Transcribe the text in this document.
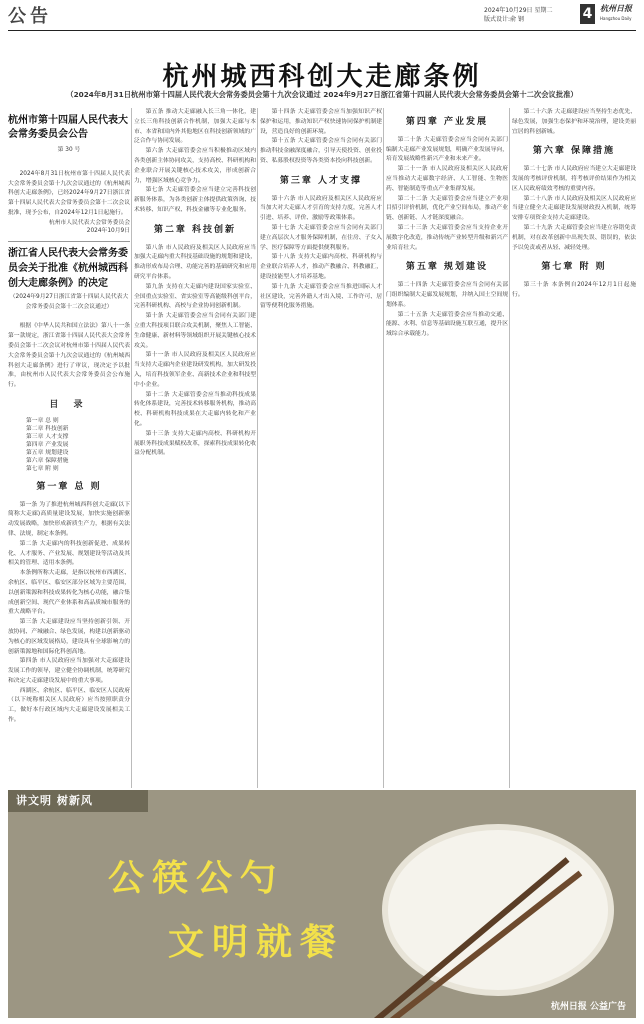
公告	2024年10月29日 星期二
版式设计:俞 钢	4 杭州日报
Hangzhou Daily
杭州城西科创大走廊条例
（2024年8月31日杭州市第十四届人民代表大会常务委员会第十九次会议通过 2024年9月27日浙江省第十四届人民代表大会常务委员会第十二次会议批准）
杭州市第十四届人民代表大会常务委员会公告
第 30 号

2024年8月31日杭州市第十四届人民代表大会常务委员会第十九次会议通过的《杭州城西科创大走廊条例》，已经2024年9月27日浙江省第十四届人民代表大会常务委员会第十二次会议批准，现予公布，自2024年12月1日起施行。

杭州市人民代表大会常务委员会
2024年10月9日
浙江省人民代表大会常务委员会关于批准《杭州城西科创大走廊条例》的决定
（2024年9月27日浙江省第十四届人民代表大会常务委员会第十二次会议通过）

根据《中华人民共和国立法法》第八十一条第一款规定，浙江省第十四届人民代表大会常务委员会第十二次会议对杭州市第十四届人民代表大会常务委员会第十九次会议通过的《杭州城西科创大走廊条例》进行了审议，现决定予以批准，由杭州市人民代表大会常务委员会公布施行。

目 录

第一章 总 则

第二章 科技创新

第三章 人才支撑

第四章 产业发展

第五章 规划建设

第六章 保障措施

第七章 附 则

第一章 总 则

第一条 为了推进杭州城西科创大走廊(以下简称大走廊)高质量建设发展，加快实施创新驱动发展战略，加快形成新质生产力，根据有关法律、法规，制定本条例。

第二条 大走廊内的科技创新促进、成果转化、人才服务、产业发展、规划建设等活动及其相关的管理、适用本条例。

本条例所称大走廊，是指以杭州市西湖区、余杭区、临平区、临安区部分区域为主要范围，以创新策源和科技成果转化为核心功能，融合集成创新空间、现代产业体系和高品质城市服务的重大战略平台。

第三条 大走廊建设应当坚持创新引领、开放协同、产城融合、绿色发展，构建以创新驱动为核心的区域发展格局，建设具有全球影响力的创新策源地和国际化科创高地。

第四条 市人民政府应当加强对大走廊建设发展工作的领导，建立健全协调机制，统筹研究和决定大走廊建设发展中的重大事项。

西湖区、余杭区、临平区、临安区人民政府（以下统称相关区人民政府）应当按照职责分工，做好本行政区域内大走廊建设发展相关工作。

第五条 推动大走廊融入长三角一体化，建立长三角科技创新合作机制，加强大走廊与本市、本省和国内外其他地区在科技创新领域的广泛合作与协同发展。

第六条 大走廊管委会应当积极推动区域内各类创新主体协同攻关，支持高校、科研机构和企业联合开展关键核心技术攻关，形成创新合力，增强区域核心竞争力。

第七条 大走廊管委会应当建立完善科技创新服务体系，为各类创新主体提供政策咨询、技术转移、知识产权、科技金融等专业化服务。

第二章 科技创新

第八条 市人民政府及相关区人民政府应当加强大走廊内重大科技基础设施的规划和建设，推动形成布局合理、功能完善的基础研究和应用研究平台体系。

第九条 支持在大走廊内建设国家实验室、全国重点实验室、省实验室等高能级科创平台，完善科研机构、高校与企业协同创新机制。

第十条 大走廊管委会应当会同有关部门建立重大科技项目联合攻关机制，聚焦人工智能、生命健康、新材料等领域组织开展关键核心技术攻关。

第十一条 市人民政府及相关区人民政府应当支持大走廊内企业建设研发机构，加大研发投入，培育科技领军企业、高新技术企业和科技型中小企业。

第十二条 大走廊管委会应当推动科技成果转化体系建设，完善技术转移服务机构，推动高校、科研机构科技成果在大走廊内转化和产业化。

第十三条 支持大走廊内高校、科研机构开展职务科技成果赋权改革，探索科技成果转化收益分配机制。

第十四条 大走廊管委会应当加强知识产权保护和运用，推动知识产权快速协同保护机制建设，营造良好的创新环境。

第十五条 大走廊管委会应当会同有关部门推动科技金融深度融合，引导天使投资、创业投资、私募股权投资等各类资本投向科技创新。

第三章 人才支撑

第十六条 市人民政府及相关区人民政府应当加大对大走廊人才引育的支持力度，完善人才引进、培养、评价、激励等政策体系。

第十七条 大走廊管委会应当会同有关部门建立高层次人才服务保障机制，在住房、子女入学、医疗保障等方面提供便利服务。

第十八条 支持大走廊内高校、科研机构与企业联合培养人才，推动产教融合、科教融汇，建设技能型人才培养基地。

第十九条 大走廊管委会应当推进国际人才社区建设，完善外籍人才出入境、工作许可、居留等便利化服务措施。

第四章 产业发展

第二十条 大走廊管委会应当会同有关部门编制大走廊产业发展规划，明确产业发展导向，培育发展战略性新兴产业和未来产业。

第二十一条 市人民政府及相关区人民政府应当推动大走廊数字经济、人工智能、生物医药、智能制造等重点产业集群发展。

第二十二条 大走廊管委会应当建立产业项目招引评价机制，优化产业空间布局，推动产业链、创新链、人才链深度融合。

第二十三条 大走廊管委会应当支持企业开展数字化改造，推动传统产业转型升级和新兴产业培育壮大。

第五章 规划建设

第二十四条 大走廊管委会应当会同有关部门组织编制大走廊发展规划，并纳入国土空间规划体系。

第二十五条 大走廊管委会应当推动交通、能源、水利、信息等基础设施互联互通，提升区域综合承载能力。

第二十六条 大走廊建设应当坚持生态优先、绿色发展，加强生态保护和环境治理，建设美丽宜居的科创新城。

第六章 保障措施

第二十七条 市人民政府应当建立大走廊建设发展的考核评价机制，将考核评价结果作为相关区人民政府绩效考核的重要内容。

第二十八条 市人民政府及相关区人民政府应当建立健全大走廊建设发展财政投入机制，统筹安排专项资金支持大走廊建设。

第二十九条 大走廊管委会应当建立容错免责机制，对在改革创新中出现失误、错误的，依法予以免责或者从轻、减轻处理。

第七章 附 则

第三十条 本条例自2024年12月1日起施行。

讲文明 树新风
公筷公勺
文明就餐
杭州日报 公益广告
